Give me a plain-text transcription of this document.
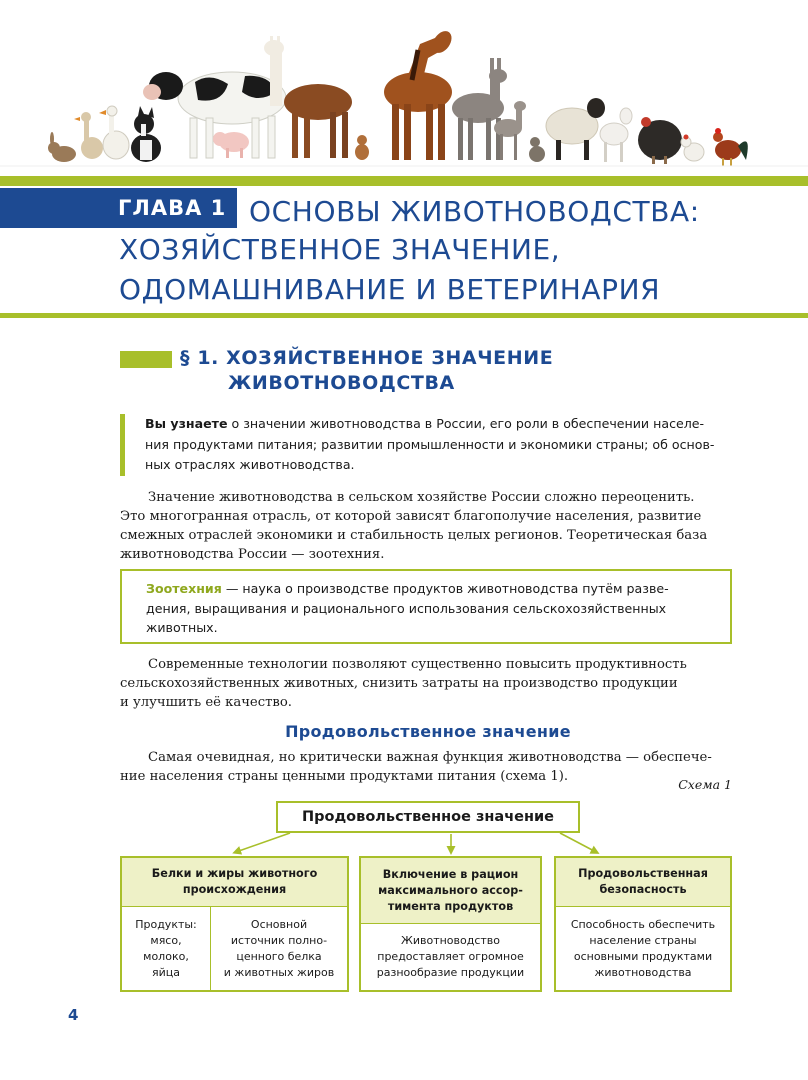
ГЛАВА 1 ОСНОВЫ ЖИВОТНОВОДСТВА:
ХОЗЯЙСТВЕННОЕ ЗНАЧЕНИЕ,
ОДОМАШНИВАНИЕ И ВЕТЕРИНАРИЯ
§ 1. ХОЗЯЙСТВЕННОЕ ЗНАЧЕНИЕ
ЖИВОТНОВОДСТВА
Вы узнаете о значении животноводства в России, его роли в обеспечении населе-
ния продуктами питания; развитии промышленности и экономики страны; об основ-
ных отраслях животноводства.
Значение животноводства в сельском хозяйстве России сложно переоценить.
Это многогранная отрасль, от которой зависят благополучие населения, развитие
смежных отраслей экономики и стабильность целых регионов. Теоретическая база
животноводства России — зоотехния.
Зоотехния — наука о производстве продуктов животноводства путём разве-
дения, выращивания и рационального использования сельскохозяйственных
животных.
Современные технологии позволяют существенно повысить продуктивность
сельскохозяйственных животных, снизить затраты на производство продукции
и улучшить её качество.
Продовольственное значение
Самая очевидная, но критически важная функция животноводства — обеспече-
ние населения страны ценными продуктами питания (схема 1).
Схема 1
Продовольственное значение
Белки и жиры животного
происхождения
Продукты:
мясо,
молоко,
яйца
Основной
источник полно-
ценного белка
и животных жиров
Включение в рацион
максимального ассор-
тимента продуктов
Животноводство
предоставляет огромное
разнообразие продукции
Продовольственная
безопасность
Способность обеспечить
население страны
основными продуктами
животноводства
4
